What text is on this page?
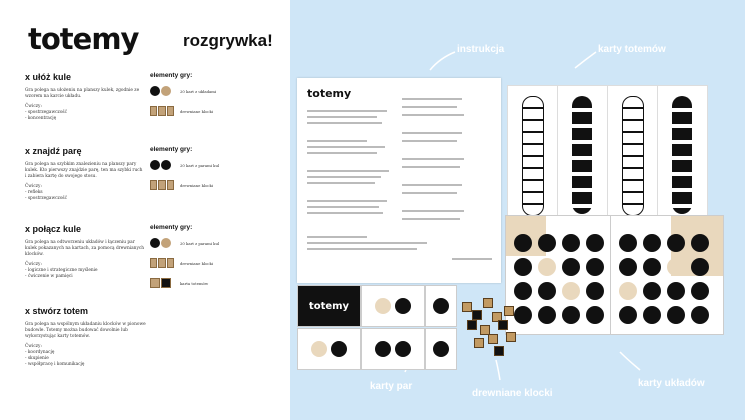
totemy	rozgrywka!
x ułóż kule
Gra polega na ułożeniu na planszy kulek, zgodnie ze wzorem na karcie układu.
Ćwiczy:
- spostrzegawczość
- koncentrację
elementy gry:
20 kart z układami
drewniane klocki
x znajdź parę
Gra polega na szybkim znalezieniu na planszy pary kulek. Kto pierwszy znajdzie parę, ten ma szybki ruch i zabiera kartę do swojego stosu.
Ćwiczy:
- refleks
- spostrzegawczość
elementy gry:
20 kart z parami kul
drewniane klocki
x połącz kule
Gra polega na odtworzeniu układów i łączeniu par kulek pokazanych na kartach, za pomocą drewnianych klocków.
Ćwiczy:
- logiczne i strategiczne myślenie
- ćwiczenie w pamięci
elementy gry:
20 kart z parami kul
drewniane klocki
karta totemów
x stwórz totem
Gra polega na wspólnym układaniu klocków w pionowe budowle. Totemy można budować dowolnie lub wykorzystując karty totemów.
Ćwiczy:
- koordynację
- skupienie
- współpracę i komunikację
instrukcja	karty totemów
karty par
drewniane klocki
karty układów
totemy
totemy
